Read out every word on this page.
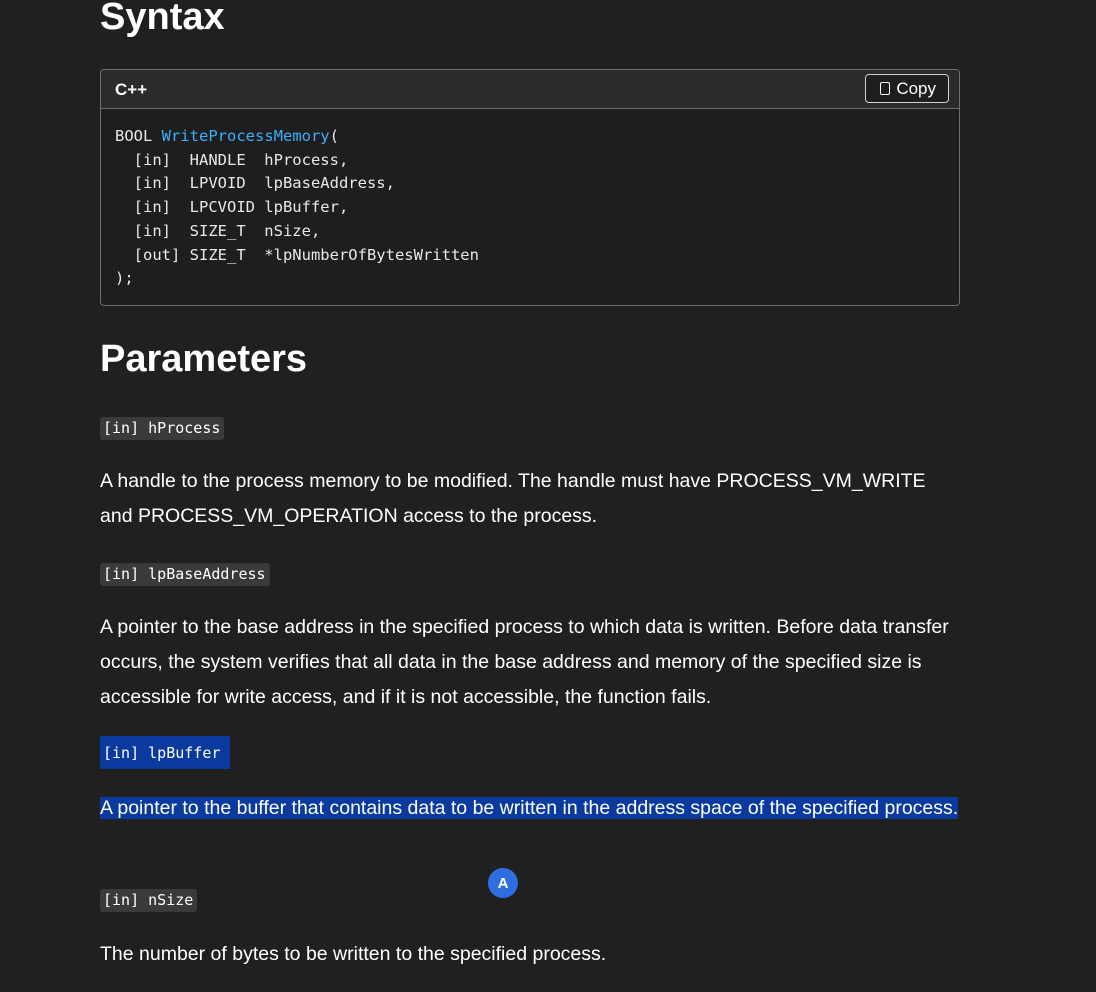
Syntax
C++	Copy
BOOL WriteProcessMemory(
[in]  HANDLE  hProcess,
[in]  LPVOID  lpBaseAddress,
[in]  LPCVOID lpBuffer,
[in]  SIZE_T  nSize,
[out] SIZE_T  *lpNumberOfBytesWritten
);
Parameters
[in] hProcess

A handle to the process memory to be modified. The handle must have PROCESS_VM_WRITE and PROCESS_VM_OPERATION access to the process.

[in] lpBaseAddress

A pointer to the base address in the specified process to which data is written. Before data transfer occurs, the system verifies that all data in the base address and memory of the specified size is accessible for write access, and if it is not accessible, the function fails.

[in] lpBuffer
A pointer to the buffer that contains data to be written in the address space of the specified process.
[in] nSize

The number of bytes to be written to the specified process.

A
